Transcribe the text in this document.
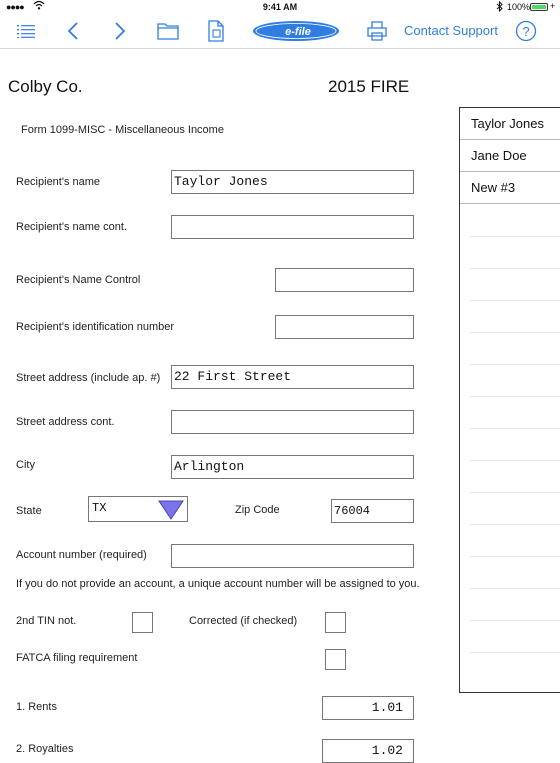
●●●●	9:41 AM	100% +
e-file	Contact Support ?
Colby Co.	2015 FIRE
Form 1099-MISC - Miscellaneous Income
Recipient's name	Taylor Jones
Recipient's name cont.
Recipient's Name Control
Recipient's identification number
Street address (include ap. #) 22 First Street
Street address cont.
City	Arlington
State	TX	Zip Code	76004
Account number (required)
If you do not provide an account, a unique account number will be assigned to you.
2nd TIN not.	Corrected (if checked)
FATCA filing requirement
1. Rents	1.01
2. Royalties	1.02
Taylor Jones
Jane Doe
New #3
